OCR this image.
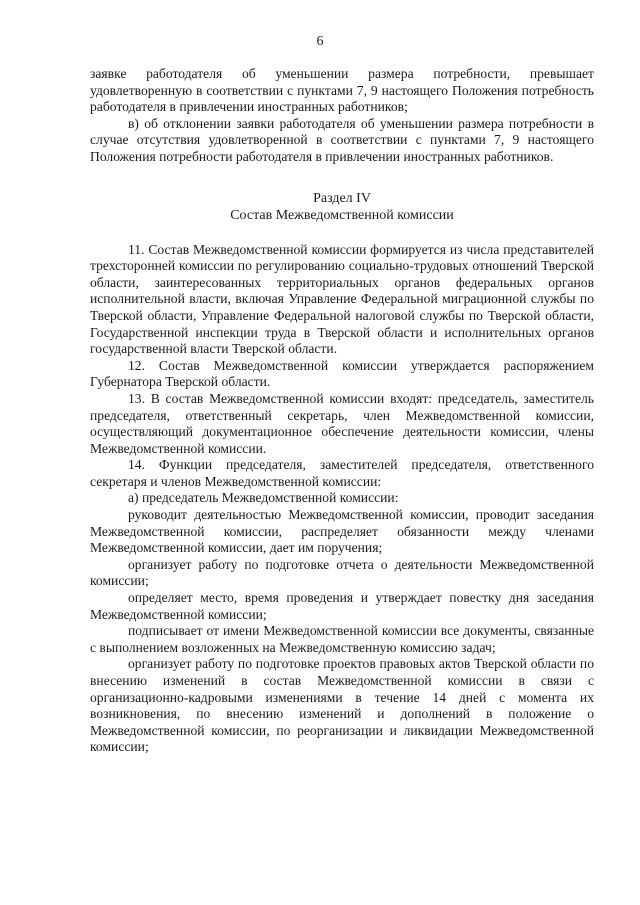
6

заявке работодателя об уменьшении размера потребности, превышает удовлетворенную в соответствии с пунктами 7, 9 настоящего Положения потребность работодателя в привлечении иностранных работников;

в) об отклонении заявки работодателя об уменьшении размера потребности в случае отсутствия удовлетворенной в соответствии с пунктами 7, 9 настоящего Положения потребности работодателя в привлечении иностранных работников.

Раздел IV
Состав Межведомственной комиссии

11. Состав Межведомственной комиссии формируется из числа представителей трехсторонней комиссии по регулированию социально-трудовых отношений Тверской области, заинтересованных территориальных органов федеральных органов исполнительной власти, включая Управление Федеральной миграционной службы по Тверской области, Управление Федеральной налоговой службы по Тверской области, Государственной инспекции труда в Тверской области и исполнительных органов государственной власти Тверской области.

12. Состав Межведомственной комиссии утверждается распоряжением Губернатора Тверской области.

13. В состав Межведомственной комиссии входят: председатель, заместитель председателя, ответственный секретарь, член Межведомственной комиссии, осуществляющий документационное обеспечение деятельности комиссии, члены Межведомственной комиссии.

14. Функции председателя, заместителей председателя, ответственного секретаря и членов Межведомственной комиссии:

а) председатель Межведомственной комиссии:

руководит деятельностью Межведомственной комиссии, проводит заседания Межведомственной комиссии, распределяет обязанности между членами Межведомственной комиссии, дает им поручения;

организует работу по подготовке отчета о деятельности Межведомственной комиссии;

определяет место, время проведения и утверждает повестку дня заседания Межведомственной комиссии;

подписывает от имени Межведомственной комиссии все документы, связанные с выполнением возложенных на Межведомственную комиссию задач;

организует работу по подготовке проектов правовых актов Тверской области по внесению изменений в состав Межведомственной комиссии в связи с организационно-кадровыми изменениями в течение 14 дней с момента их возникновения, по внесению изменений и дополнений в положение о Межведомственной комиссии, по реорганизации и ликвидации Межведомственной комиссии;
